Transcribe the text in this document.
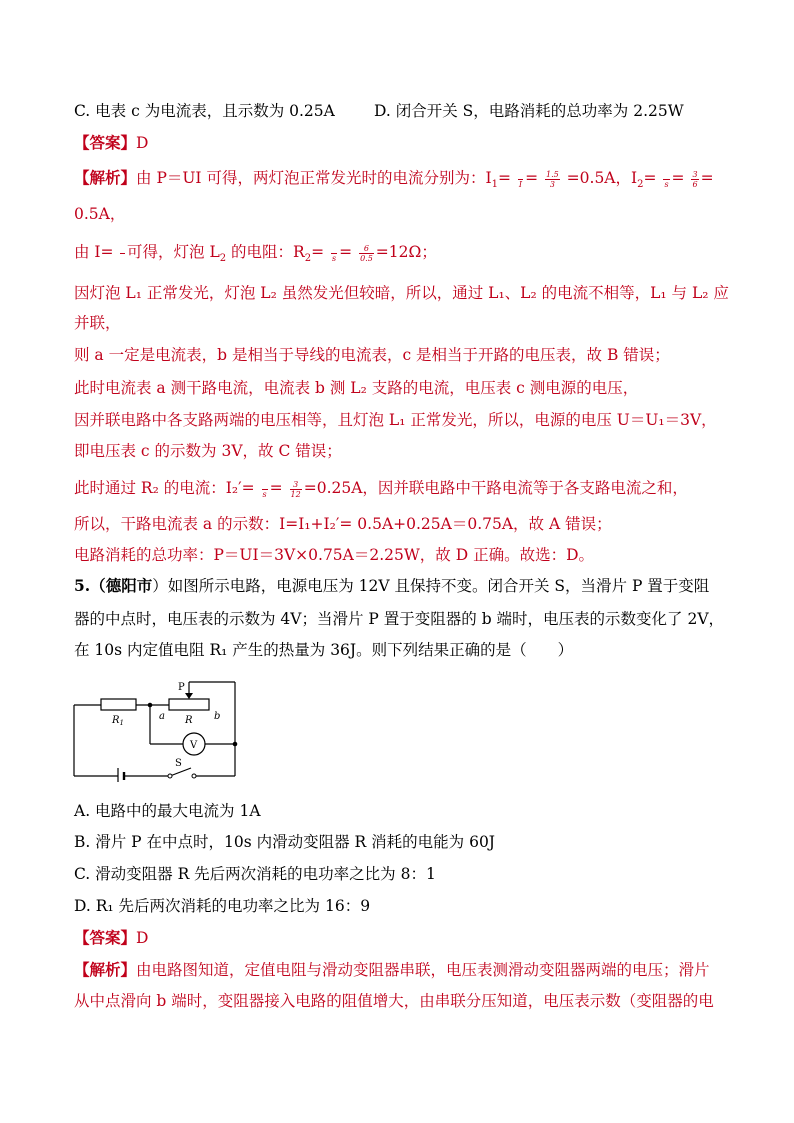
C. 电表 c 为电流表，且示数为 0.25A	D. 闭合开关 S，电路消耗的总功率为 2.25W
【答案】D
【解析】由 P＝UI 可得，两灯泡正常发光时的电流分别为：$I_1=$
$I = \frac{1.5}{3} =0.5A$，$I_2=$
$s = \frac{3}{6}$ =
0.5A，
由 I=

可得，灯泡 $L_2$ 的电阻：$R_2=$
$s = \frac{6}{0.5} =12\Omega$；
因灯泡 L₁ 正常发光，灯泡 L₂ 虽然发光但较暗，所以，通过 L₁、L₂ 的电流不相等，L₁ 与 L₂ 应
并联，
则 a 一定是电流表，b 是相当于导线的电流表，c 是相当于开路的电压表，故 B 错误；
此时电流表 a 测干路电流，电流表 b 测 L₂ 支路的电流，电压表 c 测电源的电压，
因并联电路中各支路两端的电压相等，且灯泡 L₁ 正常发光，所以，电源的电压 U＝U₁＝3V，
即电压表 c 的示数为 3V，故 C 错误；
此时通过 R₂ 的电流：I₂′=
$s = \frac{3}{12} =0.25A$，因并联电路中干路电流等于各支路电流之和，
所以，干路电流表 a 的示数：I=I₁+I₂′= 0.5A+0.25A＝0.75A，故 A 错误；
电路消耗的总功率：P＝UI＝3V×0.75A＝2.25W，故 D 正确。故选：D。
5.（德阳市）如图所示电路，电源电压为 12V 且保持不变。闭合开关 S，当滑片 P 置于变阻
器的中点时，电压表的示数为 4V；当滑片 P 置于变阻器的 b 端时，电压表的示数变化了 2V，
在 10s 内定值电阻 R₁ 产生的热量为 36J。则下列结果正确的是（　　）
P
$R_1$
a R b
V
S
A. 电路中的最大电流为 1A
B. 滑片 P 在中点时，10s 内滑动变阻器 R 消耗的电能为 60J
C. 滑动变阻器 R 先后两次消耗的电功率之比为 8：1
D. R₁ 先后两次消耗的电功率之比为 16：9
【答案】D
【解析】由电路图知道，定值电阻与滑动变阻器串联，电压表测滑动变阻器两端的电压；滑片
从中点滑向 b 端时，变阻器接入电路的阻值增大，由串联分压知道，电压表示数（变阻器的电
